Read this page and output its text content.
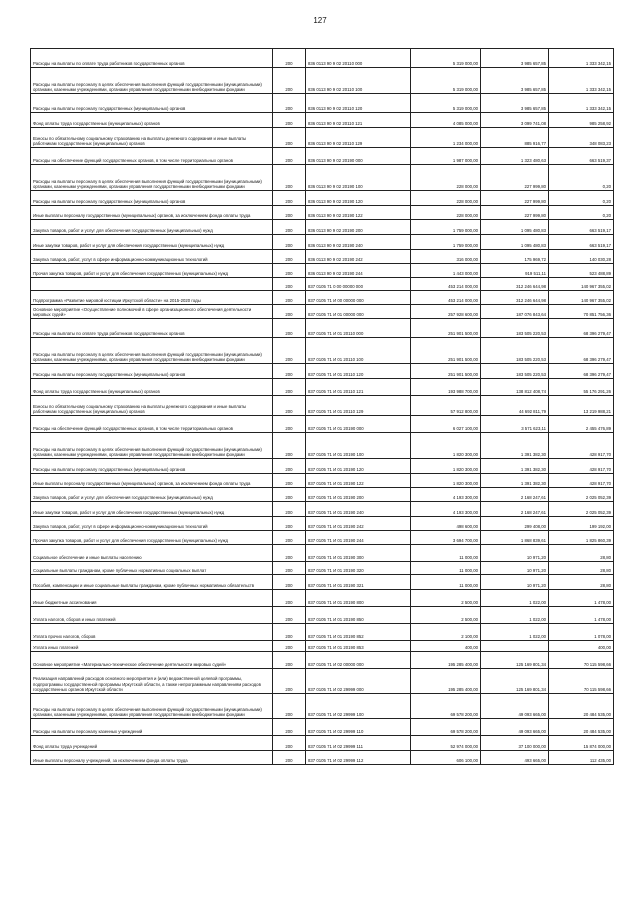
127
Расходы на выплаты по оплате труда работников государственных органов	200	836 0113 90 9 02 20110 000	5 319 000,00	3 985 657,85	1 333 342,15
Расходы на выплаты персоналу в целях обеспечения выполнения функций государственными (муниципальными) органами, казенными учреждениями, органами управления государственными внебюджетными фондами	200	836 0113 90 9 02 20110 100	5 319 000,00	3 985 657,85	1 333 342,15
Расходы на выплаты персоналу государственных (муниципальных) органов	200	836 0113 90 9 02 20110 120	5 319 000,00	3 985 657,85	1 333 342,15
Фонд оплаты труда государственных (муниципальных) органов	200	836 0113 90 9 02 20110 121	4 085 000,00	3 099 741,08	985 258,92
Взносы по обязательному социальному страхованию на выплаты денежного содержания и иные выплаты работникам государственных (муниципальных) органов	200	836 0113 90 9 02 20110 129	1 234 000,00	885 916,77	348 083,23
Расходы на обеспечение функций государственных органов, в том числе территориальных органов	200	836 0113 90 9 02 20190 000	1 987 000,00	1 323 480,63	663 519,37
Расходы на выплаты персоналу в целях обеспечения выполнения функций государственными (муниципальными) органами, казенными учреждениями, органами управления государственными внебюджетными фондами	200	836 0113 90 9 02 20190 100	228 000,00	227 999,80	0,20
Расходы на выплаты персоналу государственных (муниципальных) органов	200	836 0113 90 9 02 20190 120	228 000,00	227 999,80	0,20
Иные выплаты персоналу государственных (муниципальных) органов, за исключением фонда оплаты труда	200	836 0113 90 9 02 20190 122	228 000,00	227 999,80	0,20
Закупка товаров, работ и услуг для обеспечения государственных (муниципальных) нужд	200	836 0113 90 9 02 20190 200	1 759 000,00	1 095 480,83	663 519,17
Иные закупки товаров, работ и услуг для обеспечения государственных (муниципальных) нужд	200	836 0113 90 9 02 20190 240	1 759 000,00	1 095 480,83	663 519,17
Закупка товаров, работ, услуг в сфере информационно-коммуникационных технологий	200	836 0113 90 9 02 20190 242	316 000,00	175 969,72	140 030,28
Прочая закупка товаров, работ и услуг для обеспечения государственных (муниципальных) нужд	200	836 0113 90 9 02 20190 244	1 443 000,00	919 511,11	523 488,89
	200	837 0105 71 0 00 00000 000	453 214 000,00	312 246 644,98	140 967 355,02
Подпрограмма «Развитие мировой юстиции Иркутской области» на 2015-2020 годы	200	837 0105 71 И 00 00000 000	453 214 000,00	312 246 644,98	140 967 355,02
Основное мероприятие «Осуществление полномочий в сфере организационного обеспечения деятельности мировых судей»	200	837 0105 71 И 01 00000 000	257 928 600,00	187 076 843,64	70 851 756,36
Расходы на выплаты по оплате труда работников государственных органов	200	837 0105 71 И 01 20110 000	251 901 500,00	183 505 220,53	68 396 279,47
Расходы на выплаты персоналу в целях обеспечения выполнения функций государственными (муниципальными) органами, казенными учреждениями, органами управления государственными внебюджетными фондами	200	837 0105 71 И 01 20110 100	251 901 500,00	183 505 220,53	68 396 279,47
Расходы на выплаты персоналу государственных (муниципальных) органов	200	837 0105 71 И 01 20110 120	251 901 500,00	183 505 220,53	68 396 279,47
Фонд оплаты труда государственных (муниципальных) органов	200	837 0105 71 И 01 20110 121	193 988 700,00	138 812 408,74	55 176 291,26
Взносы по обязательному социальному страхованию на выплаты денежного содержания и иные выплаты работникам государственных (муниципальных) органов	200	837 0105 71 И 01 20110 129	57 912 800,00	44 692 811,79	13 219 988,21
Расходы на обеспечение функций государственных органов, в том числе территориальных органов	200	837 0105 71 И 01 20190 000	6 027 100,00	3 571 623,11	2 455 476,89
Расходы на выплаты персоналу в целях обеспечения выполнения функций государственными (муниципальными) органами, казенными учреждениями, органами управления государственными внебюджетными фондами	200	837 0105 71 И 01 20190 100	1 820 300,00	1 391 382,30	428 917,70
Расходы на выплаты персоналу государственных (муниципальных) органов	200	837 0105 71 И 01 20190 120	1 820 300,00	1 391 382,30	428 917,70
Иные выплаты персоналу государственных (муниципальных) органов, за исключением фонда оплаты труда	200	837 0105 71 И 01 20190 122	1 820 300,00	1 391 382,30	428 917,70
Закупка товаров, работ и услуг для обеспечения государственных (муниципальных) нужд	200	837 0105 71 И 01 20190 200	4 193 300,00	2 168 247,61	2 025 052,39
Иные закупки товаров, работ и услуг для обеспечения государственных (муниципальных) нужд	200	837 0105 71 И 01 20190 240	4 193 300,00	2 168 247,61	2 025 052,39
Закупка товаров, работ, услуг в сфере информационно-коммуникационных технологий	200	837 0105 71 И 01 20190 242	498 600,00	299 408,00	199 192,00
Прочая закупка товаров, работ и услуг для обеспечения государственных (муниципальных) нужд	200	837 0105 71 И 01 20190 244	3 694 700,00	1 868 839,61	1 825 860,39
Социальное обеспечение и иные выплаты населению	200	837 0105 71 И 01 20190 300	11 000,00	10 971,20	28,80
Социальные выплаты гражданам, кроме публичных нормативных социальных выплат	200	837 0105 71 И 01 20190 320	11 000,00	10 971,20	28,80
Пособия, компенсации и иные социальные выплаты гражданам, кроме публичных нормативных обязательств	200	837 0105 71 И 01 20190 321	11 000,00	10 971,20	28,80
Иные бюджетные ассигнования	200	837 0105 71 И 01 20190 800	2 500,00	1 022,00	1 478,00
Уплата налогов, сборов и иных платежей	200	837 0105 71 И 01 20190 850	2 500,00	1 022,00	1 478,00
Уплата прочих налогов, сборов	200	837 0105 71 И 01 20190 852	2 100,00	1 022,00	1 078,00
Уплата иных платежей	200	837 0105 71 И 01 20190 853	400,00		400,00
Основное мероприятие «Материально-техническое обеспечение деятельности мировых судей»	200	837 0105 71 И 02 00000 000	195 285 400,00	125 169 801,34	70 115 598,66
Реализация направлений расходов основного мероприятия и (или) ведомственной целевой программы, подпрограммы государственной программы Иркутской области, а также непрограммным направлениям расходов государственных органов Иркутской области	200	837 0105 71 И 02 29999 000	195 285 400,00	125 169 801,34	70 115 598,66
Расходы на выплаты персоналу в целях обеспечения выполнения функций государственными (муниципальными) органами, казенными учреждениями, органами управления государственными внебюджетными фондами	200	837 0105 71 И 02 29999 100	69 578 200,00	49 093 665,00	20 484 535,00
Расходы на выплаты персоналу казенных учреждений	200	837 0105 71 И 02 29999 110	69 578 200,00	49 093 665,00	20 484 535,00
Фонд оплаты труда учреждений	200	837 0105 71 И 02 29999 111	52 974 000,00	37 100 000,00	15 874 000,00
Иные выплаты персоналу учреждений, за исключением фонда оплаты труда	200	837 0105 71 И 02 29999 112	606 100,00	493 665,00	112 435,00
